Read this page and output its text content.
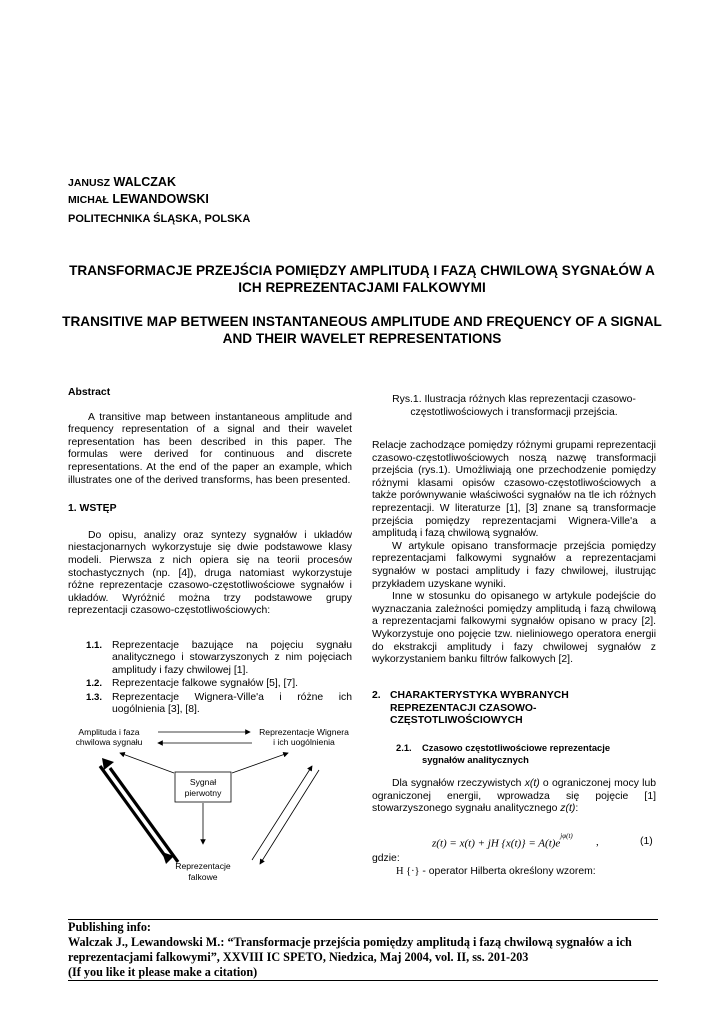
JANUSZ WALCZAK
MICHAŁ LEWANDOWSKI
POLITECHNIKA ŚLĄSKA, POLSKA
TRANSFORMACJE PRZEJŚCIA POMIĘDZY AMPLITUDĄ I FAZĄ CHWILOWĄ SYGNAŁÓW A ICH REPREZENTACJAMI FALKOWYMI
TRANSITIVE MAP BETWEEN INSTANTANEOUS AMPLITUDE AND FREQUENCY OF A SIGNAL AND THEIR WAVELET REPRESENTATIONS
Abstract

A transitive map between instantaneous amplitude and frequency representation of a signal and their wavelet representation has been described in this paper. The formulas were derived for continuous and discrete representations. At the end of the paper an example, which illustrates one of the derived transforms, has been presented.

1. WSTĘP

Do opisu, analizy oraz syntezy sygnałów i układów niestacjonarnych wykorzystuje się dwie podstawowe klasy modeli. Pierwsza z nich opiera się na teorii procesów stochastycznych (np. [4]), druga natomiast wykorzystuje różne reprezentacje czasowo-częstotliwościowe sygnałów i układów. Wyróżnić można trzy podstawowe grupy reprezentacji czasowo-częstotliwościowych:

1.1. Reprezentacje bazujące na pojęciu sygnału analitycznego i stowarzyszonych z nim pojęciach amplitudy i fazy chwilowej [1].
1.2. Reprezentacje falkowe sygnałów [5], [7].
1.3. Reprezentacje Wignera-Ville'a i różne ich uogólnienia [3], [8].
Amplituda i faza
chwilowa sygnału
Reprezentacje Wignera
i ich uogólnienia
Sygnał
pierwotny
Reprezentacje
falkowe
Rys.1. Ilustracja różnych klas reprezentacji czasowo-częstotliwościowych i transformacji przejścia.

Relacje zachodzące pomiędzy różnymi grupami reprezentacji czasowo-częstotliwościowych noszą nazwę transformacji przejścia (rys.1). Umożliwiają one przechodzenie pomiędzy różnymi klasami opisów czasowo-częstotliwościowych a także porównywanie właściwości sygnałów na tle ich różnych reprezentacji. W literaturze [1], [3] znane są transformacje przejścia pomiędzy reprezentacjami Wignera-Ville'a a amplitudą i fazą chwilową sygnałów.

W artykule opisano transformacje przejścia pomiędzy reprezentacjami falkowymi sygnałów a reprezentacjami sygnałów w postaci amplitudy i fazy chwilowej, ilustrując przykładem uzyskane wyniki.

Inne w stosunku do opisanego w artykule podejście do wyznaczania zależności pomiędzy amplitudą i fazą chwilową a reprezentacjami falkowymi sygnałów opisano w pracy [2]. Wykorzystuje ono pojęcie tzw. nieliniowego operatora energii do ekstrakcji amplitudy i fazy chwilowej sygnałów z wykorzystaniem banku filtrów falkowych [2].

2. CHARAKTERYSTYKA WYBRANYCH REPREZENTACJI CZASOWO-CZĘSTOTLIWOŚCIOWYCH
2.1.	Czasowo częstotliwościowe reprezentacje sygnałów analitycznych

Dla sygnałów rzeczywistych x(t) o ograniczonej mocy lub ograniczonej energii, wprowadza się pojęcie [1] stowarzyszonego sygnału analitycznego z(t):

z(t) = x(t) + jH $\{x(t)\} = A(t)e^{j\varphi(t)}$ ,	(1)
gdzie:
H {·} - operator Hilberta określony wzorem:
Publishing info:
Walczak J., Lewandowski M.: “Transformacje przejścia pomiędzy amplitudą i fazą chwilową sygnałów a ich reprezentacjami falkowymi”, XXVIII IC SPETO, Niedzica, Maj 2004, vol. II, ss. 201-203
(If you like it please make a citation)
